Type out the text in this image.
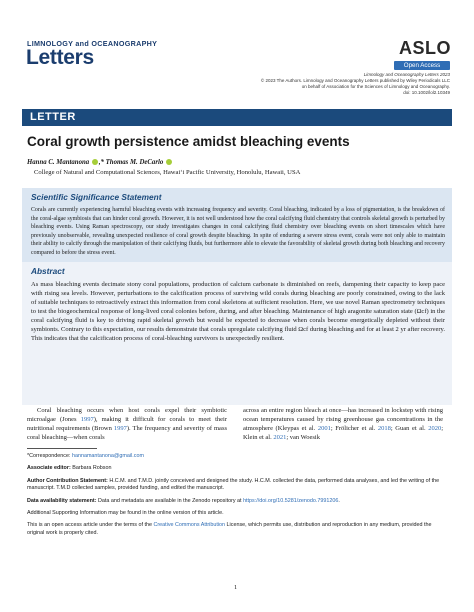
LIMNOLOGY and OCEANOGRAPHY
Letters	ASLO
Open Access
Limnology and Oceanography Letters 2023
© 2023 The Authors. Limnology and Oceanography Letters published by Wiley Periodicals LLC
on behalf of Association for the Sciences of Limnology and Oceanography.
doi: 10.1002/lol2.10349
LETTER
Coral growth persistence amidst bleaching events
Hanna C. Mantanona ,* Thomas M. DeCarlo
College of Natural and Computational Sciences, Hawai‘i Pacific University, Honolulu, Hawaii, USA
Scientific Significance Statement

Corals are currently experiencing harmful bleaching events with increasing frequency and severity. Coral bleaching, indicated by a loss of pigmentation, is the breakdown of the coral-algae symbiosis that can hinder coral growth. However, it is not well understood how the coral calcifying fluid chemistry that controls skeletal growth is perturbed by bleaching events. Using Raman spectroscopy, our study investigates changes in coral calcifying fluid chemistry over bleaching events on short timescales which have previously unobservable, revealing unexpected resilience of coral growth despite bleaching. In spite of enduring a severe stress event, corals were not only able to maintain their ability to calcify through the manipulation of their calcifying fluids, but furthermore able to elevate the favorability of skeletal growth during both bleaching and recovery compared to before the stress event.

Abstract

As mass bleaching events decimate stony coral populations, production of calcium carbonate is diminished on reefs, dampening their capacity to keep pace with rising sea levels. However, perturbations to the calcification process of surviving wild corals during bleaching are poorly constrained, owing to the lack of suitable techniques to retroactively extract this information from coral skeletons at sufficient resolution. Here, we use novel Raman spectrometry techniques to test the biogeochemical response of long-lived coral colonies before, during, and after bleaching. Maintenance of high aragonite saturation state (Ωcf) in the coral calcifying fluid is key to driving rapid skeletal growth but would be expected to decrease when corals become energetically depleted without their symbionts. Contrary to this expectation, our results demonstrate that corals upregulate calcifying fluid Ωcf during bleaching and for at least 2 yr after recovery. This indicates that the calcification process of coral-bleaching survivors is unexpectedly resilient.

Coral bleaching occurs when host corals expel their symbiotic microalgae (Jones 1997), making it difficult for corals to meet their nutritional requirements (Brown 1997). The frequency and severity of mass coral bleaching—when corals

across an entire region bleach at once—has increased in lockstep with rising ocean temperatures caused by rising greenhouse gas concentrations in the atmosphere (Kleypas et al. 2001; Frölicher et al. 2018; Guan et al. 2020; Klein et al. 2021; van Woesik

*Correspondence: hannamantanona@gmail.com
Associate editor: Barbara Robson
Author Contribution Statement: H.C.M. and T.M.D. jointly conceived and designed the study. H.C.M. collected the data, performed data analyses, and led the writing of the manuscript. T.M.D collected samples, provided funding, and edited the manuscript.
Data availability statement: Data and metadata are available in the Zenodo repository at https://doi.org/10.5281/zenodo.7991206.
Additional Supporting Information may be found in the online version of this article.
This is an open access article under the terms of the Creative Commons Attribution License, which permits use, distribution and reproduction in any medium, provided the original work is properly cited.
1
